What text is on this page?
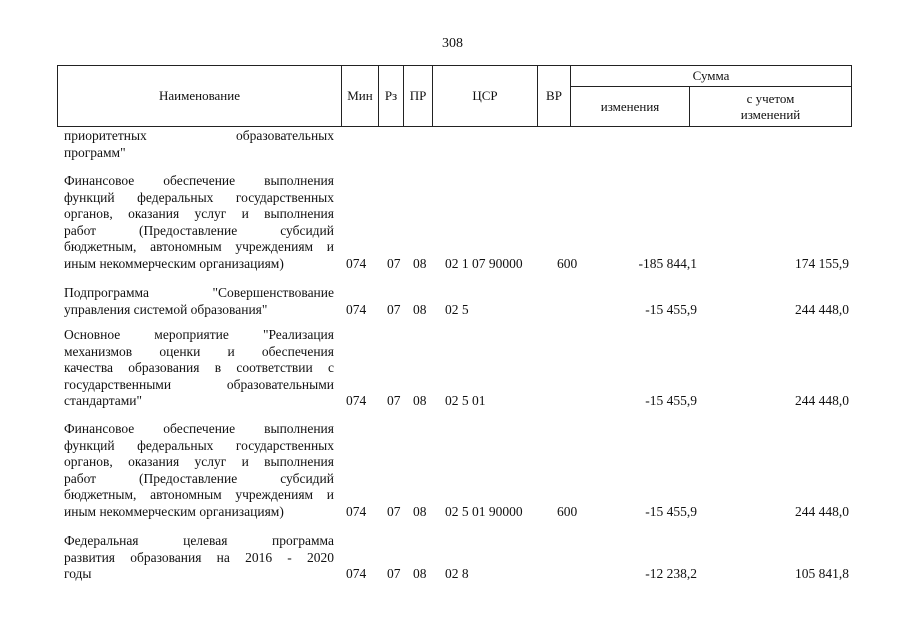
308
Наименование	Мин	Рз	ПР	ЦСР	ВР	Сумма	
						изменения	с учетом
изменений
приоритетных образовательных
программ"
Финансовое обеспечение выполнения
функций федеральных государственных
органов, оказания услуг и выполнения
работ (Предоставление субсидий
бюджетным, автономным учреждениям и
иным некоммерческим организациям)	074 07 08 02 1 07 90000	600	-185 844,1	174 155,9
Подпрограмма "Совершенствование
управления системой образования"	074 07 08 02 5	-15 455,9	244 448,0
Основное мероприятие "Реализация
механизмов оценки и обеспечения
качества образования в соответствии с
государственными образовательными
стандартами"	074 07 08 02 5 01	-15 455,9	244 448,0
Финансовое обеспечение выполнения
функций федеральных государственных
органов, оказания услуг и выполнения
работ (Предоставление субсидий
бюджетным, автономным учреждениям и
иным некоммерческим организациям)	074 07 08 02 5 01 90000	600	-15 455,9	244 448,0
Федеральная целевая программа
развития образования на 2016 - 2020
годы	074 07 08 02 8	-12 238,2	105 841,8
